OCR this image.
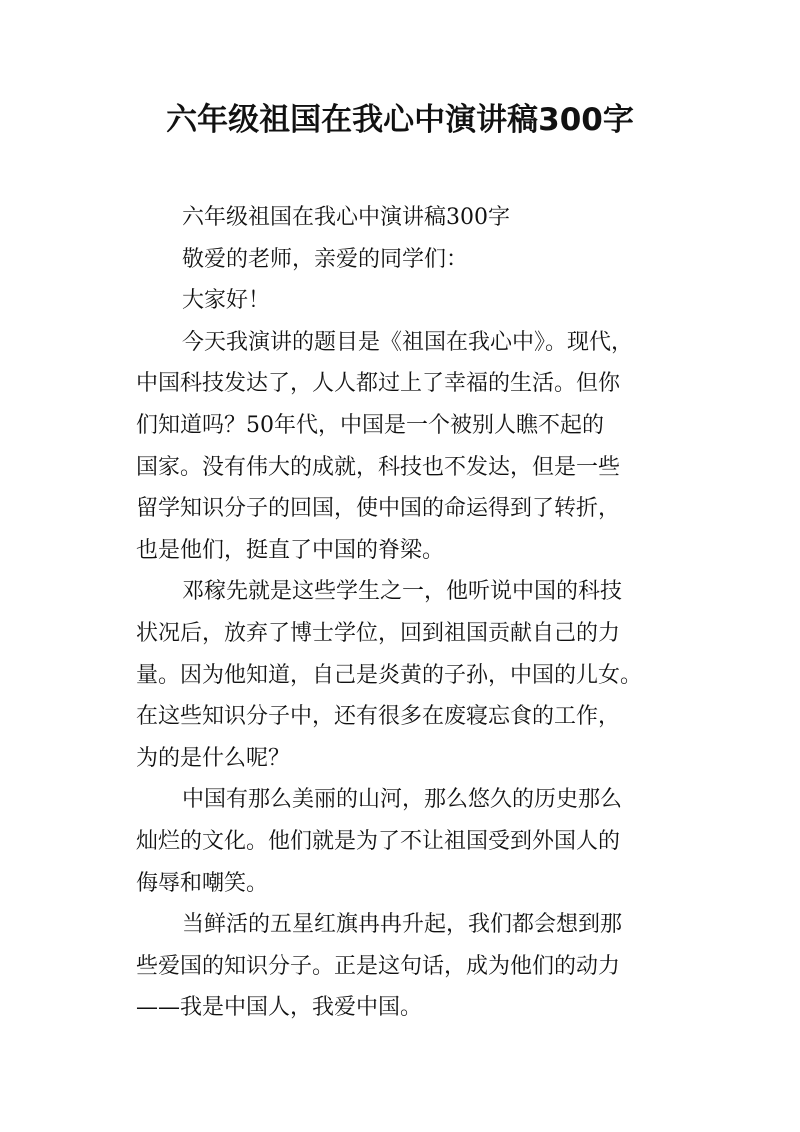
六年级祖国在我心中演讲稿300字
六年级祖国在我心中演讲稿300字
敬爱的老师，亲爱的同学们：
大家好！
今天我演讲的题目是《祖国在我心中》。现代，
中国科技发达了，人人都过上了幸福的生活。但你
们知道吗？50年代，中国是一个被别人瞧不起的
国家。没有伟大的成就，科技也不发达，但是一些
留学知识分子的回国，使中国的命运得到了转折，
也是他们，挺直了中国的脊梁。
邓稼先就是这些学生之一，他听说中国的科技
状况后，放弃了博士学位，回到祖国贡献自己的力
量。因为他知道，自己是炎黄的子孙，中国的儿女。
在这些知识分子中，还有很多在废寝忘食的工作，
为的是什么呢？
中国有那么美丽的山河，那么悠久的历史那么
灿烂的文化。他们就是为了不让祖国受到外国人的
侮辱和嘲笑。
当鲜活的五星红旗冉冉升起，我们都会想到那
些爱国的知识分子。正是这句话，成为他们的动力
——我是中国人，我爱中国。
